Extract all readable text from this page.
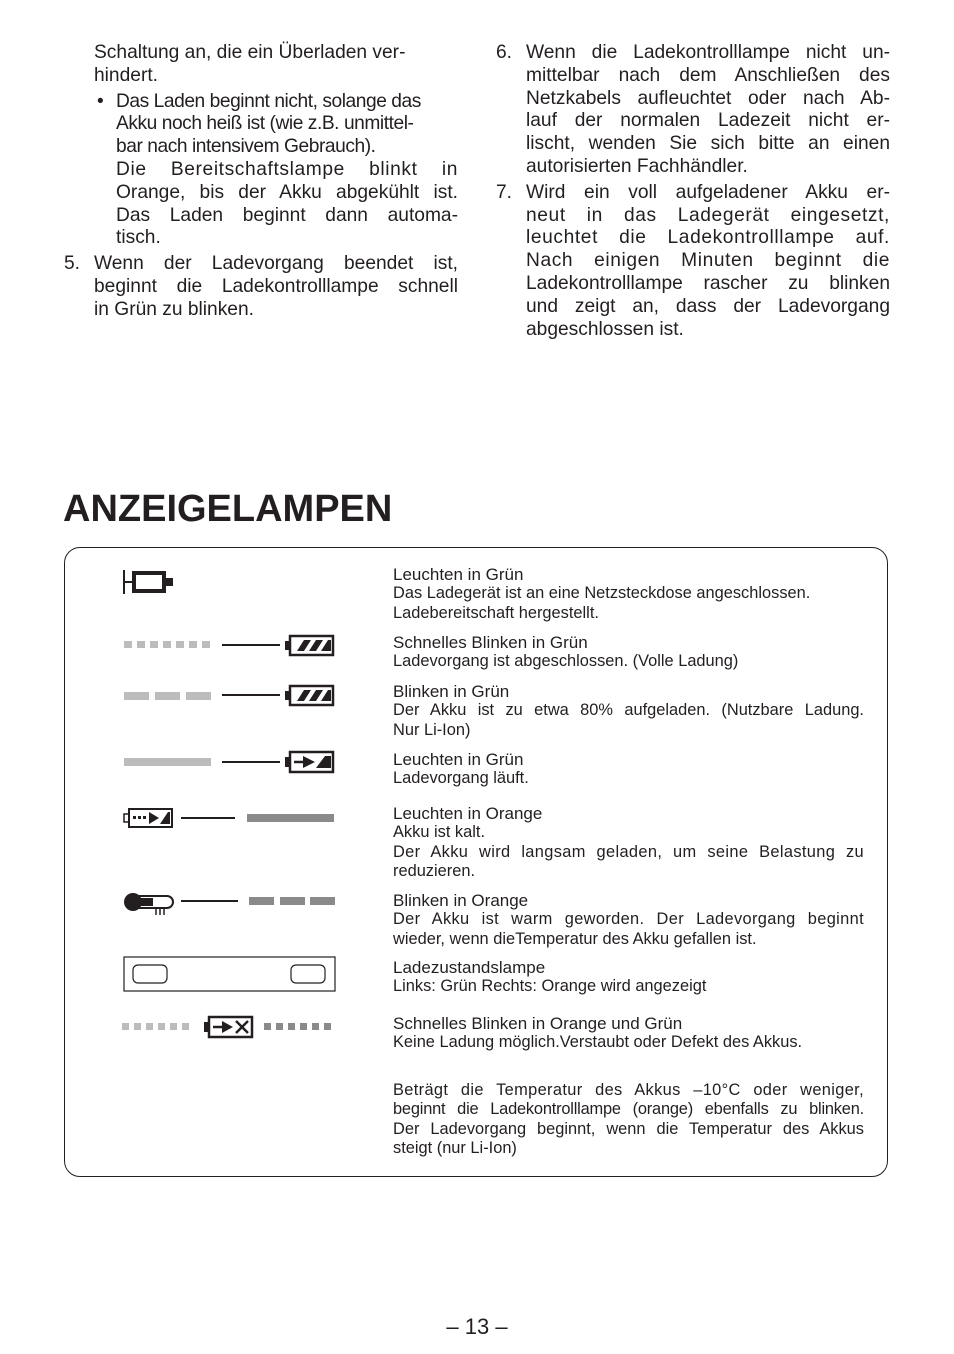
Schaltung an, die ein Überladen ver-
hindert.
• Das Laden beginnt nicht, solange das
Akku noch heiß ist (wie z.B. unmittel-
bar nach intensivem Gebrauch).
Die Bereitschaftslampe blinkt in
Orange, bis der Akku abgekühlt ist.
Das Laden beginnt dann automa-
tisch.
5. Wenn der Ladevorgang beendet ist,
beginnt die Ladekontrolllampe schnell
in Grün zu blinken.
6. Wenn die Ladekontrolllampe nicht un-
mittelbar nach dem Anschließen des
Netzkabels aufleuchtet oder nach Ab-
lauf der normalen Ladezeit nicht er-
lischt, wenden Sie sich bitte an einen
autorisierten Fachhändler.
7. Wird ein voll aufgeladener Akku er-
neut in das Ladegerät eingesetzt,
leuchtet die Ladekontrolllampe auf.
Nach einigen Minuten beginnt die
Ladekontrolllampe rascher zu blinken
und zeigt an, dass der Ladevorgang
abgeschlossen ist.
ANZEIGELAMPEN
Leuchten in Grün
Das Ladegerät ist an eine Netzsteckdose angeschlossen.
Ladebereitschaft hergestellt.
Schnelles Blinken in Grün
Ladevorgang ist abgeschlossen. (Volle Ladung)
Blinken in Grün
Der Akku ist zu etwa 80% aufgeladen. (Nutzbare Ladung.
Nur Li-Ion)
Leuchten in Grün
Ladevorgang läuft.
Leuchten in Orange
Akku ist kalt.
Der Akku wird langsam geladen, um seine Belastung zu
reduzieren.
Blinken in Orange
Der Akku ist warm geworden. Der Ladevorgang beginnt
wieder, wenn dieTemperatur des Akku gefallen ist.
Ladezustandslampe
Links: Grün Rechts: Orange wird angezeigt
Schnelles Blinken in Orange und Grün
Keine Ladung möglich.Verstaubt oder Defekt des Akkus.
Beträgt die Temperatur des Akkus –10°C oder weniger,
beginnt die Ladekontrolllampe (orange) ebenfalls zu blinken.
Der Ladevorgang beginnt, wenn die Temperatur des Akkus
steigt (nur Li-Ion)
– 13 –
